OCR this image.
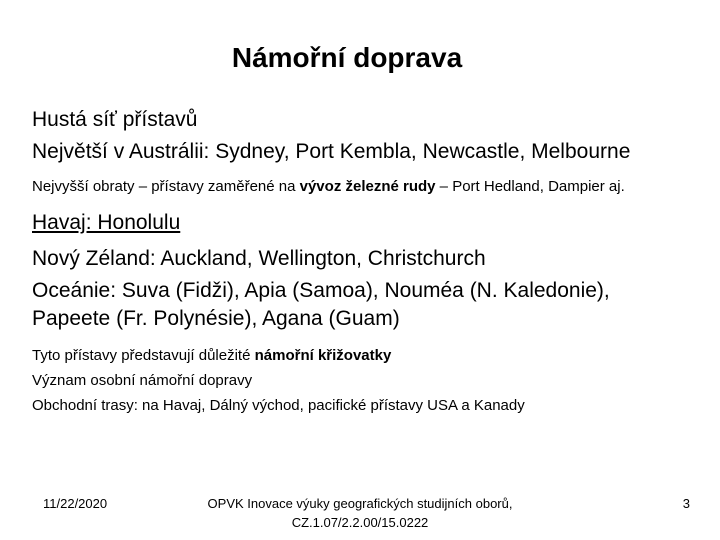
Námořní doprava

Hustá síť přístavů

Největší v Austrálii: Sydney, Port Kembla, Newcastle, Melbourne

Nejvyšší obraty – přístavy zaměřené na vývoz železné rudy – Port Hedland, Dampier aj.

Havaj: Honolulu

Nový Zéland: Auckland, Wellington, Christchurch

Oceánie: Suva (Fidži), Apia (Samoa), Nouméa (N. Kaledonie), Papeete (Fr. Polynésie), Agana (Guam)

Tyto přístavy představují důležité námořní křižovatky

Význam osobní námořní dopravy

Obchodní trasy: na Havaj, Dálný východ, pacifické přístavy USA a Kanady

11/22/2020	OPVK Inovace výuky geografických studijních oborů,
CZ.1.07/2.2.00/15.0222
3
